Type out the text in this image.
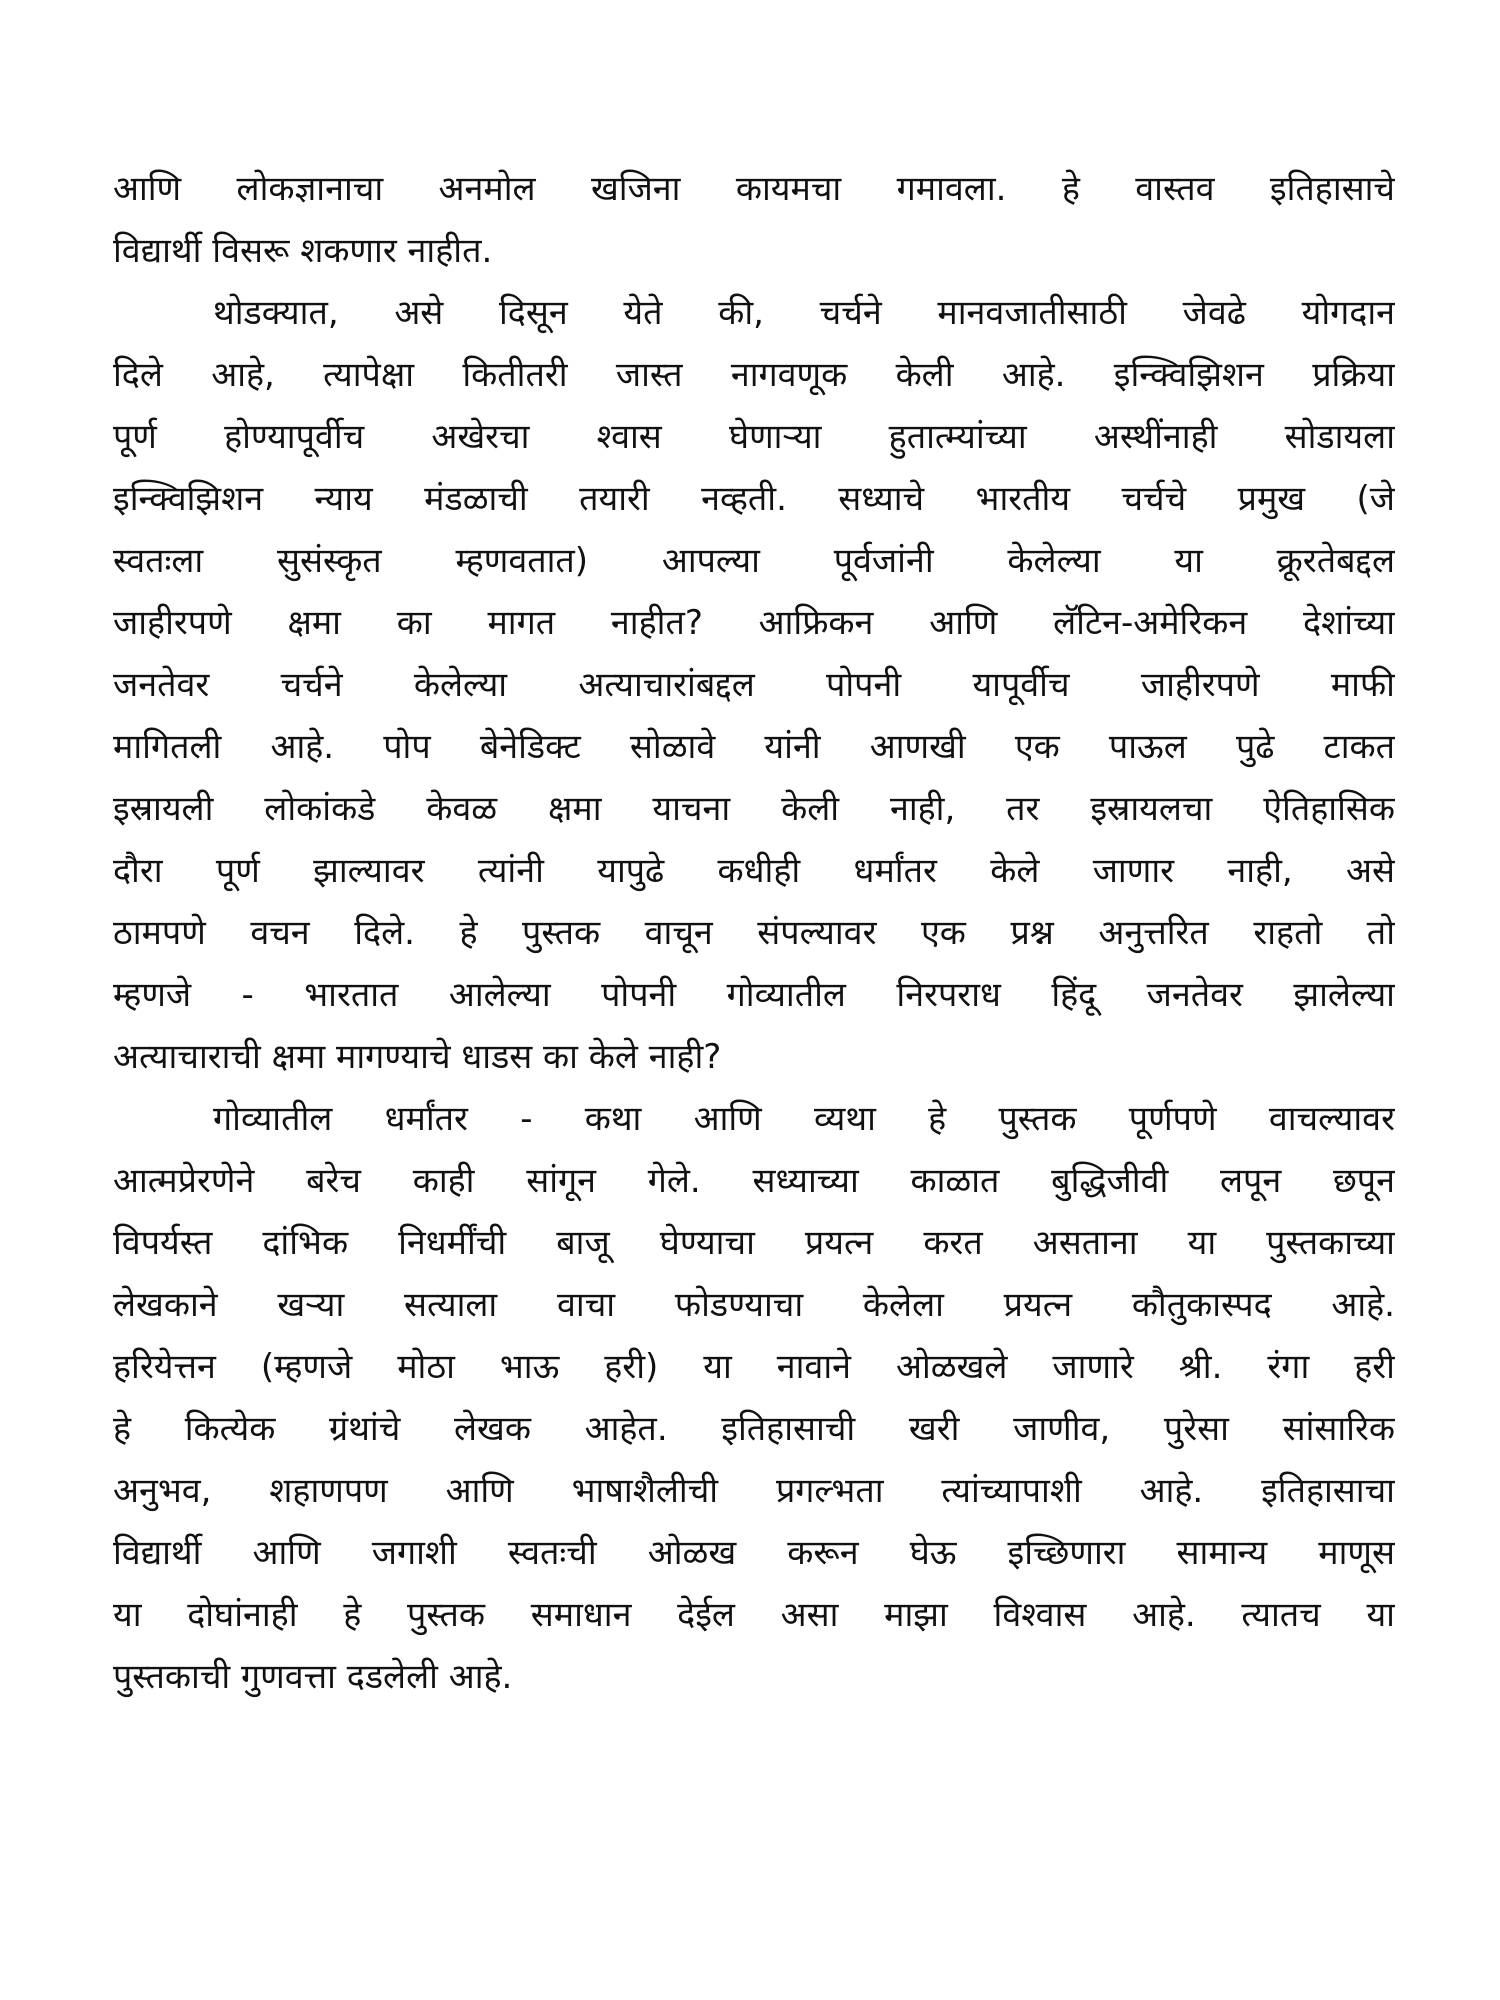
आणि लोकज्ञानाचा अनमोल खजिना कायमचा गमावला. हे वास्तव इतिहासाचे
विद्यार्थी विसरू शकणार नाहीत.
थोडक्यात, असे दिसून येते की, चर्चने मानवजातीसाठी जेवढे योगदान
दिले आहे, त्यापेक्षा कितीतरी जास्त नागवणूक केली आहे. इन्क्विझिशन प्रक्रिया
पूर्ण होण्यापूर्वीच अखेरचा श्वास घेणाऱ्या हुतात्म्यांच्या अस्थींनाही सोडायला
इन्क्विझिशन न्याय मंडळाची तयारी नव्हती. सध्याचे भारतीय चर्चचे प्रमुख (जे
स्वतःला सुसंस्कृत म्हणवतात) आपल्या पूर्वजांनी केलेल्या या क्रूरतेबद्दल
जाहीरपणे क्षमा का मागत नाहीत? आफ्रिकन आणि लॅटिन-अमेरिकन देशांच्या
जनतेवर चर्चने केलेल्या अत्याचारांबद्दल पोपनी यापूर्वीच जाहीरपणे माफी
मागितली आहे. पोप बेनेडिक्ट सोळावे यांनी आणखी एक पाऊल पुढे टाकत
इस्रायली लोकांकडे केवळ क्षमा याचना केली नाही, तर इस्रायलचा ऐतिहासिक
दौरा पूर्ण झाल्यावर त्यांनी यापुढे कधीही धर्मांतर केले जाणार नाही, असे
ठामपणे वचन दिले. हे पुस्तक वाचून संपल्यावर एक प्रश्न अनुत्तरित राहतो तो
म्हणजे - भारतात आलेल्या पोपनी गोव्यातील निरपराध हिंदू जनतेवर झालेल्या
अत्याचाराची क्षमा मागण्याचे धाडस का केले नाही?
गोव्यातील धर्मांतर - कथा आणि व्यथा हे पुस्तक पूर्णपणे वाचल्यावर
आत्मप्रेरणेने बरेच काही सांगून गेले. सध्याच्या काळात बुद्धिजीवी लपून छपून
विपर्यस्त दांभिक निधर्मींची बाजू घेण्याचा प्रयत्न करत असताना या पुस्तकाच्या
लेखकाने खऱ्या सत्याला वाचा फोडण्याचा केलेला प्रयत्न कौतुकास्पद आहे.
हरियेत्तन (म्हणजे मोठा भाऊ हरी) या नावाने ओळखले जाणारे श्री. रंगा हरी
हे कित्येक ग्रंथांचे लेखक आहेत. इतिहासाची खरी जाणीव, पुरेसा सांसारिक
अनुभव, शहाणपण आणि भाषाशैलीची प्रगल्भता त्यांच्यापाशी आहे. इतिहासाचा
विद्यार्थी आणि जगाशी स्वतःची ओळख करून घेऊ इच्छिणारा सामान्य माणूस
या दोघांनाही हे पुस्तक समाधान देईल असा माझा विश्वास आहे. त्यातच या
पुस्तकाची गुणवत्ता दडलेली आहे.
